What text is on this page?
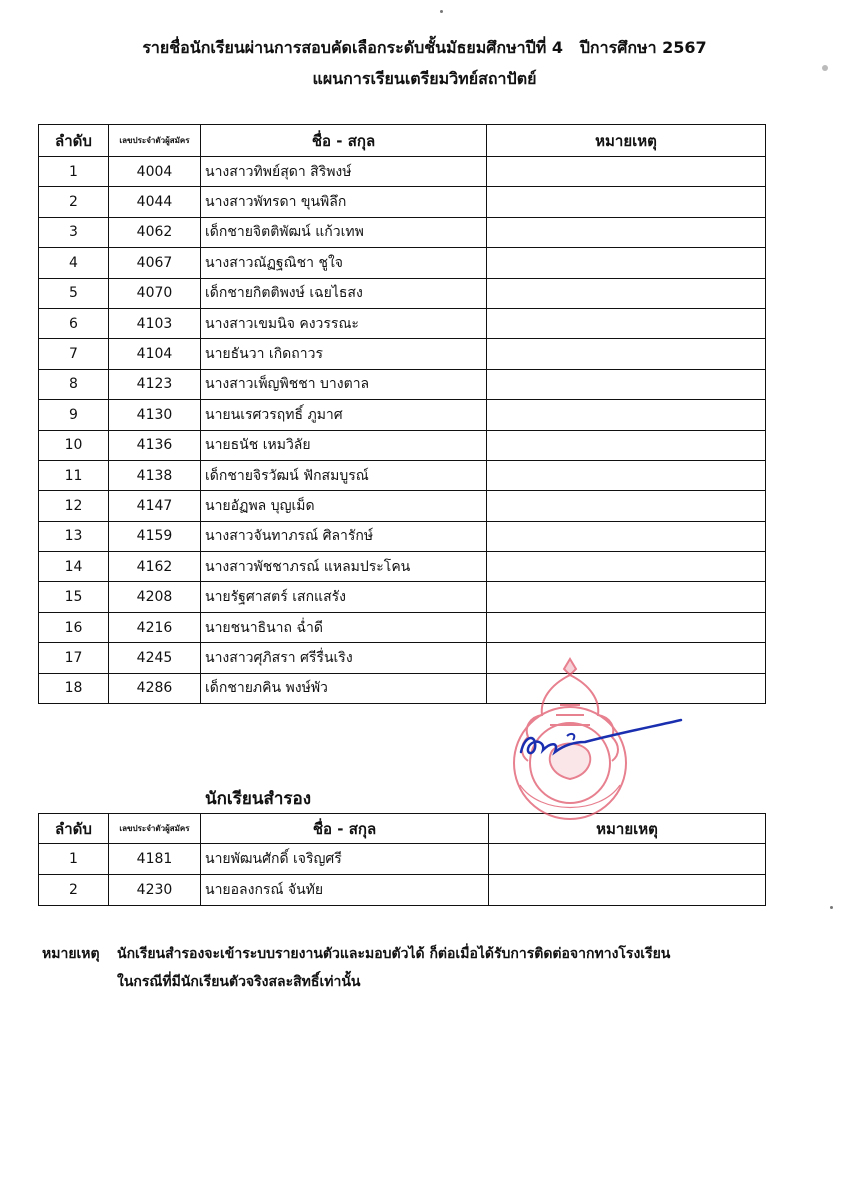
รายชื่อนักเรียนผ่านการสอบคัดเลือกระดับชั้นมัธยมศึกษาปีที่ 4   ปีการศึกษา 2567
แผนการเรียนเตรียมวิทย์สถาปัตย์
ลำดับ	เลขประจำตัวผู้สมัคร	ชื่อ - สกุล	หมายเหตุ
1	4004	นางสาวทิพย์สุดา สิริพงษ์	
2	4044	นางสาวพัทรดา ขุนพิลึก	
3	4062	เด็กชายจิตติพัฒน์ แก้วเทพ	
4	4067	นางสาวณัฏฐณิชา ชูใจ	
5	4070	เด็กชายกิตติพงษ์ เฉยไธสง	
6	4103	นางสาวเขมนิจ คงวรรณะ	
7	4104	นายธันวา เกิดถาวร	
8	4123	นางสาวเพ็ญพิชชา บางตาล	
9	4130	นายนเรศวรฤทธิ์ ภูมาศ	
10	4136	นายธนัช เหมวิลัย	
11	4138	เด็กชายจิรวัฒน์ ฟักสมบูรณ์	
12	4147	นายอัฏพล บุญเม็ด	
13	4159	นางสาวจันทาภรณ์ ศิลารักษ์	
14	4162	นางสาวพัชชาภรณ์ แหลมประโคน	
15	4208	นายรัฐศาสตร์ เสกแสรัง	
16	4216	นายชนาธินาถ ฉ่ำดี	
17	4245	นางสาวศุภิสรา ศรีรื่นเริง	
18	4286	เด็กชายภคิน พงษ์พัว	
นักเรียนสำรอง
ลำดับ	เลขประจำตัวผู้สมัคร	ชื่อ - สกุล	หมายเหตุ
1	4181	นายพัฒนศักดิ์ เจริญศรี	
2	4230	นายอลงกรณ์ จันทัย	
หมายเหตุ นักเรียนสำรองจะเข้าระบบรายงานตัวและมอบตัวได้ ก็ต่อเมื่อได้รับการติดต่อจากทางโรงเรียน
ในกรณีที่มีนักเรียนตัวจริงสละสิทธิ์เท่านั้น
